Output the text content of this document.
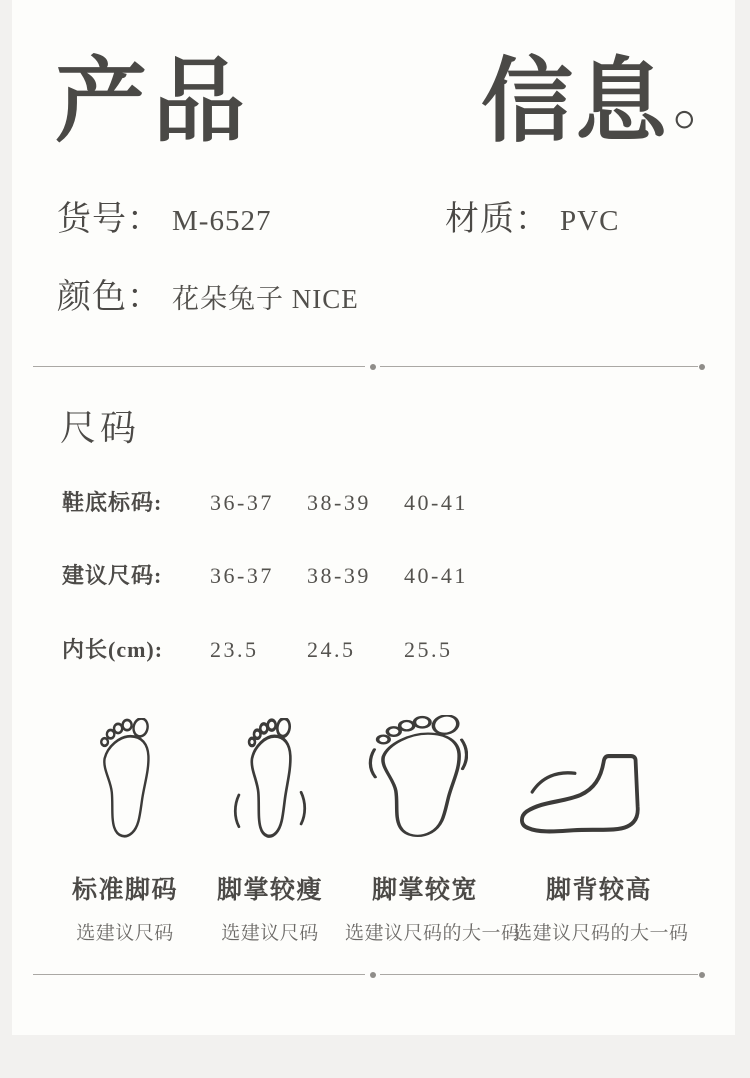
产品 信息。
货号： M-6527	材质： PVC
颜色： 花朵兔子 NICE
尺码
鞋底标码: 36-37 38-39 40-41
建议尺码: 36-37 38-39 40-41
内长(cm): 23.5 24.5 25.5
标准脚码
选建议尺码
脚掌较瘦
选建议尺码
脚掌较宽
选建议尺码的大一码
脚背较高
选建议尺码的大一码
